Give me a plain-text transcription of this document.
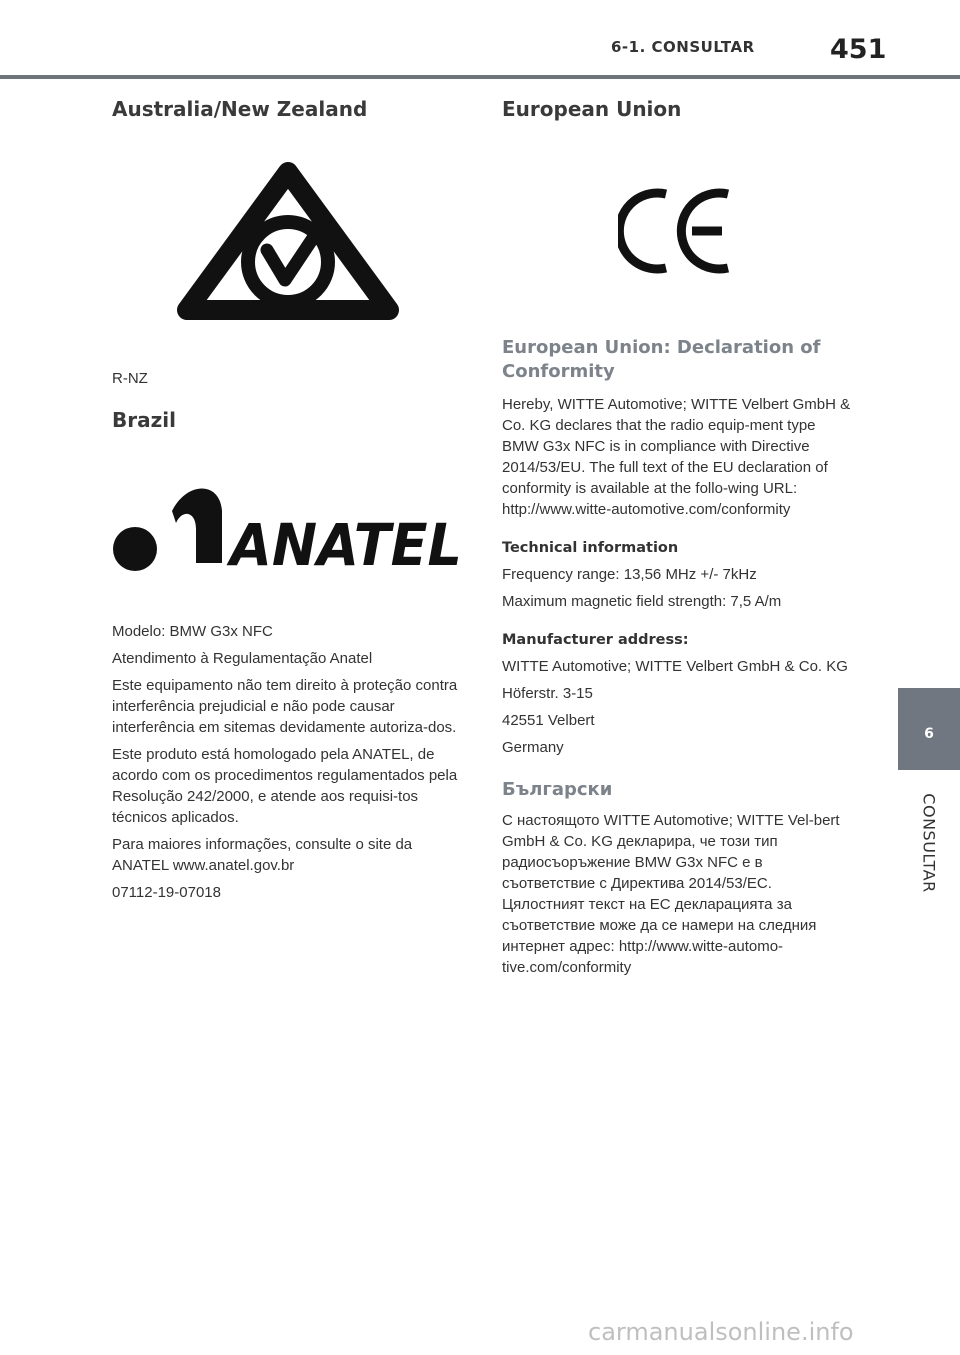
6-1. CONSULTAR	451
Australia/New Zealand

R-NZ

Brazil
ANATEL

Modelo: BMW G3x NFC

Atendimento à Regulamentação Anatel

Este equipamento não tem direito à proteção contra interferência prejudicial e não pode causar interferência em sitemas devidamente autoriza-dos.

Este produto está homologado pela ANATEL, de acordo com os procedimentos regulamentados pela Resolução 242/2000, e atende aos requisi-tos técnicos aplicados.

Para maiores informações, consulte o site da ANATEL www.anatel.gov.br

07112-19-07018

European Union
European Union: Declaration of Conformity

Hereby, WITTE Automotive; WITTE Velbert GmbH & Co. KG declares that the radio equip-ment type BMW G3x NFC is in compliance with Directive 2014/53/EU. The full text of the EU declaration of conformity is available at the follo-wing URL: http://www.witte-automotive.com/conformity

Technical information

Frequency range: 13,56 MHz +/- 7kHz

Maximum magnetic field strength: 7,5 A/m

Manufacturer address:

WITTE Automotive; WITTE Velbert GmbH & Co. KG

Höferstr. 3-15

42551 Velbert

Germany

Български

С настоящото WITTE Automotive; WITTE Vel-bert GmbH & Co. KG декларира, че този тип радиосъоръжение BMW G3x NFC е в съответствие с Директива 2014/53/ЕС. Цялостният текст на ЕС декларацията за съответствие може да се намери на следния интернет адрес: http://www.witte-automo-tive.com/conformity

6
CONSULTAR
carmanualsonline.info
